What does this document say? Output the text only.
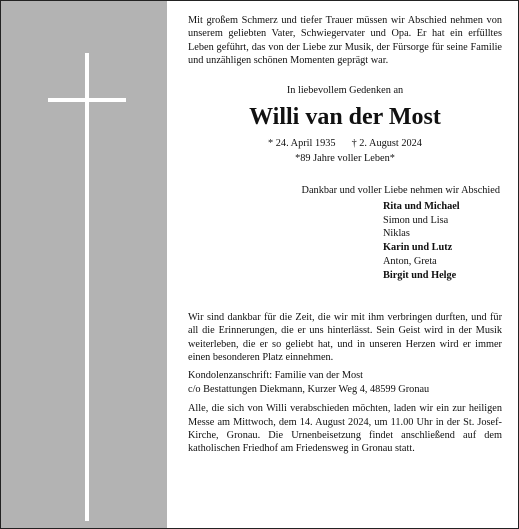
Mit großem Schmerz und tiefer Trauer müssen wir Abschied nehmen von unserem geliebten Vater, Schwiegervater und Opa. Er hat ein erfülltes Leben geführt, das von der Liebe zur Musik, der Fürsorge für seine Familie und unzähligen schönen Momenten geprägt war.

In liebevollem Gedenken an
Willi van der Most
* 24. April 1935 † 2. August 2024
*89 Jahre voller Leben*
Dankbar und voller Liebe nehmen wir Abschied
Rita und Michael
Simon und Lisa
Niklas
Karin und Lutz
Anton, Greta
Birgit und Helge

Wir sind dankbar für die Zeit, die wir mit ihm verbringen durften, und für all die Erinnerungen, die er uns hinterlässt. Sein Geist wird in der Musik weiterleben, die er so geliebt hat, und in unseren Herzen wird er immer einen besonderen Platz einnehmen.

Kondolenzanschrift: Familie van der Most
c/o Bestattungen Diekmann, Kurzer Weg 4, 48599 Gronau

Alle, die sich von Willi verabschieden möchten, laden wir ein zur heiligen Messe am Mittwoch, dem 14. August 2024, um 11.00 Uhr in der St. Josef-Kirche, Gronau. Die Urnenbeisetzung findet anschließend auf dem katholischen Friedhof am Friedensweg in Gronau statt.
